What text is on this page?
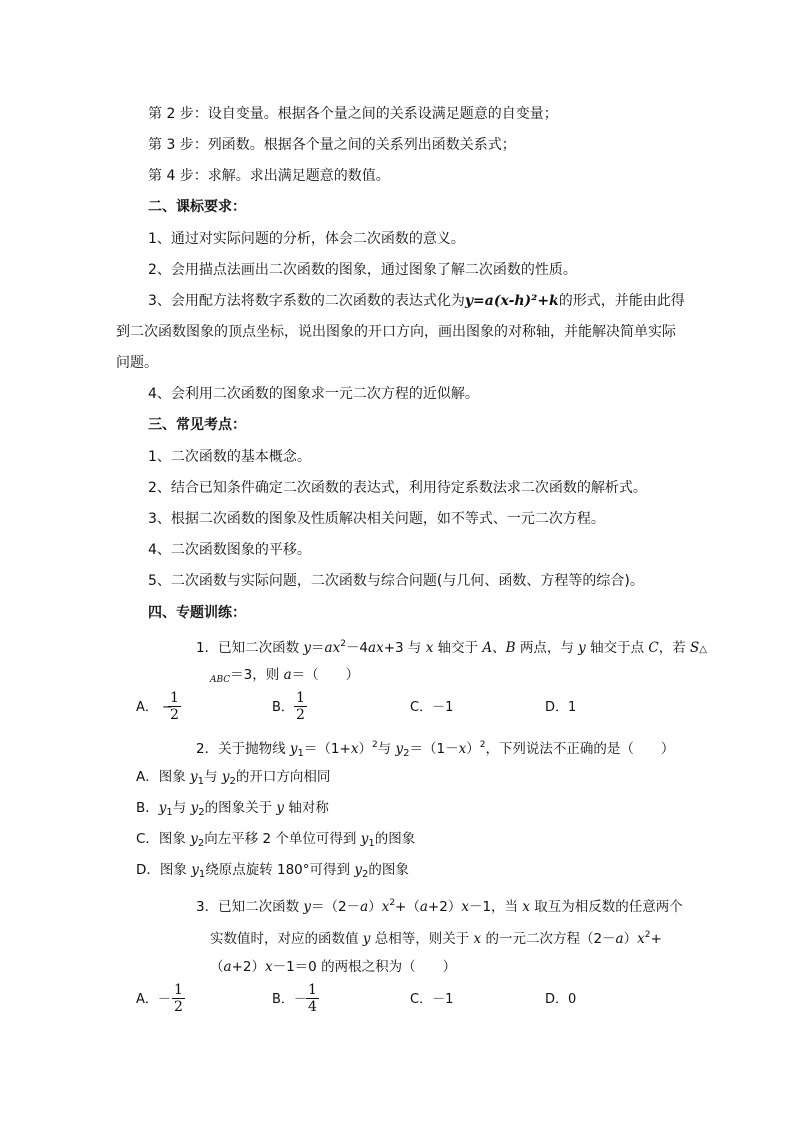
第 2 步：设自变量。根据各个量之间的关系设满足题意的自变量；
第 3 步：列函数。根据各个量之间的关系列出函数关系式；
第 4 步：求解。求出满足题意的数值。
二、课标要求：
1、通过对实际问题的分析，体会二次函数的意义。
2、会用描点法画出二次函数的图象，通过图象了解二次函数的性质。
3、会用配方法将数字系数的二次函数的表达式化为y=a(x-h)²+k的形式，并能由此得
到二次函数图象的顶点坐标，说出图象的开口方向，画出图象的对称轴，并能解决简单实际
问题。
4、会利用二次函数的图象求一元二次方程的近似解。
三、常见考点：
1、二次函数的基本概念。
2、结合已知条件确定二次函数的表达式，利用待定系数法求二次函数的解析式。
3、根据二次函数的图象及性质解决相关问题，如不等式、一元二次方程。
4、二次函数图象的平移。
5、二次函数与实际问题，二次函数与综合问题(与几何、函数、方程等的综合)。
四、专题训练：
1．已知二次函数 $y=ax^2-4ax+3$ 与 x 轴交于 A、B 两点，与 y 轴交于点 C，若 S△
$_{ABC}$＝3，则 a＝（　　）
A． −
$\frac{1}{2}$	B． $\frac{1}{2}$	C．－1	D．1
2．关于抛物线 $y_1=(1+x)^2$与 $y_2=(1-x)^2$，下列说法不正确的是（　　）
A．图象 $y_1$与 $y_2$的开口方向相同
B．$y_1$与 $y_2$的图象关于 y 轴对称
C．图象 $y_2$向左平移 2 个单位可得到 $y_1$的图象
D．图象 $y_1$绕原点旋转 180°可得到 $y_2$的图象
3．已知二次函数 $y=(2-a)x^2+(a+2)x-1$，当 x 取互为相反数的任意两个
实数值时，对应的函数值 y 总相等，则关于 x 的一元二次方程$(2-a)x^2+$
（a+2）x－1＝0 的两根之积为（　　）
A．－ $\frac{1}{2}$	B．－ $\frac{1}{4}$	C．－1	D．0
